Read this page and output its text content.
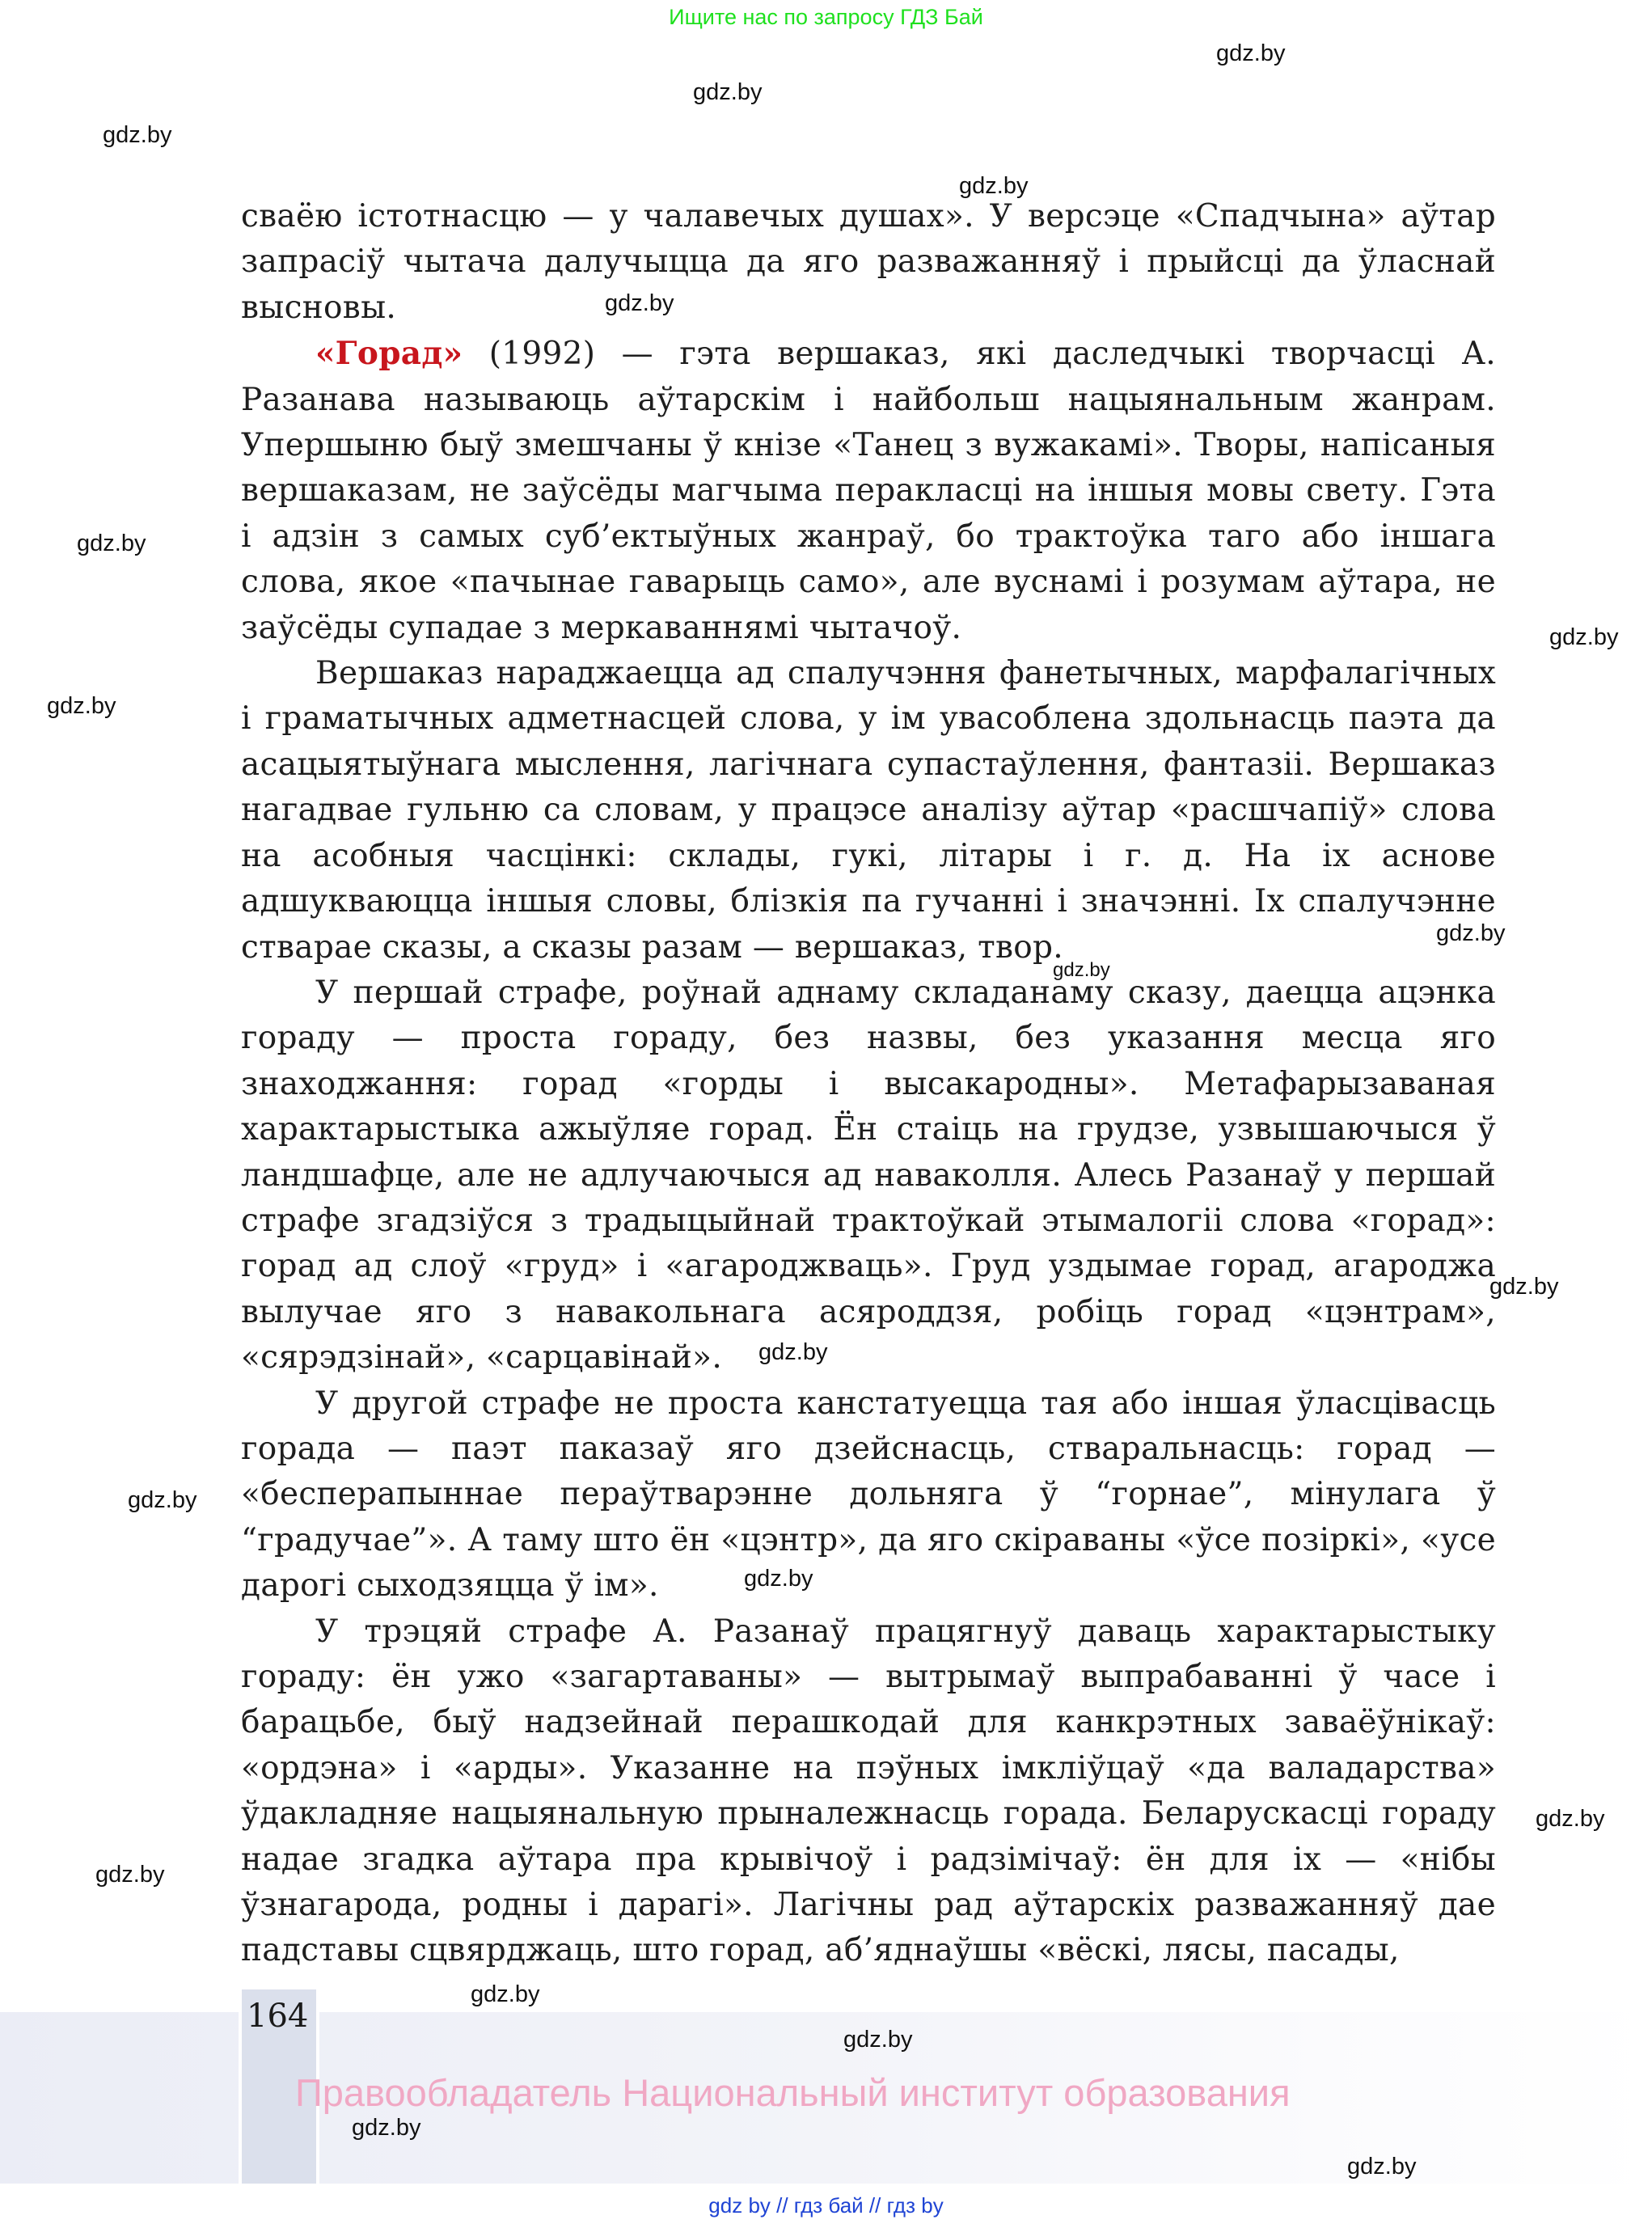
Ищите нас по запросу ГДЗ Бай

сваёю істотнасцю — у чалавечых душах». У версэце «Спадчына» аўтар запрасіў чытача далучыцца да яго разважанняў і прыйсці да ўласнай высновы.

«Горад» (1992) — гэта вершаказ, які даследчыкі творчасці А. Разанава называюць аўтарскім і найбольш нацыянальным жанрам. Упершыню быў змешчаны ў кнізе «Танец з вужакамі». Творы, напісаныя вершаказам, не заўсёды магчыма перакласці на іншыя мовы свету. Гэта і адзін з самых суб’ектыўных жанраў, бо трактоўка таго або іншага слова, якое «пачынае гаварыць само», але вуснамі і розумам аўтара, не заўсёды супадае з меркаваннямі чытачоў.

Вершаказ нараджаецца ад спалучэння фанетычных, марфалагічных і граматычных адметнасцей слова, у ім увасоблена здольнасць паэта да асацыятыўнага мыслення, лагічнага супастаўлення, фантазіі. Вершаказ нагадвае гульню са словам, у працэсе аналізу аўтар «расшчапіў» слова на асобныя часцінкі: склады, гукі, літары і г. д. На іх аснове адшукваюцца іншыя словы, блізкія па гучанні і значэнні. Іх спалучэнне стварае сказы, а сказы разам — вершаказ, твор.

У першай страфе, роўнай аднаму складанаму сказу, даецца ацэнка гораду — проста гораду, без назвы, без указання месца яго знаходжання: горад «горды і высакародны». Метафарызаваная характарыстыка ажыўляе горад. Ён стаіць на грудзе, узвышаючыся ў ландшафце, але не адлучаючыся ад наваколля. Алесь Разанаў у першай страфе згадзіўся з традыцыйнай трактоўкай этымалогіі слова «горад»: горад ад слоў «груд» і «агароджваць». Груд уздымае горад, агароджа вылучае яго з навакольнага асяроддзя, робіць горад «цэнтрам», «сярэдзінай», «сарцавінай».

У другой страфе не проста канстатуецца тая або іншая ўласцівасць горада — паэт паказаў яго дзейснасць, стваральнасць: горад — «бесперапыннае пераўтварэнне дольняга ў “горнае”, мінулага ў “градучае”». А таму што ён «цэнтр», да яго скіраваны «ўсе позіркі», «усе дарогі сыходзяцца ў ім».

У трэцяй страфе А. Разанаў працягнуў даваць характарыстыку гораду: ён ужо «загартаваны» — вытрымаў выпрабаванні ў часе і барацьбе, быў надзейнай перашкодай для канкрэтных заваёўнікаў: «ордэна» і «арды». Указанне на пэўных імкліўцаў «да валадарства» ўдакладняе нацыянальную прыналежнасць горада. Беларускасці гораду надае згадка аўтара пра крывічоў і радзімічаў: ён для іх — «нібы ўзнагарода, родны і дарагі». Лагічны рад аўтарскіх разважанняў дае падставы сцвярджаць, што горад, аб’яднаўшы «вёскі, лясы, пасады,

164
Правообладатель Национальный институт образования
gdz by // гдз бай // гдз by
gdz.by
gdz.by
gdz.by
gdz.by
gdz.by
gdz.by
gdz.by
gdz.by
gdz.by
gdz.by
gdz.by
gdz.by
gdz.by
gdz.by
gdz.by
gdz.by
gdz.by
gdz.by
gdz.by
gdz.by
